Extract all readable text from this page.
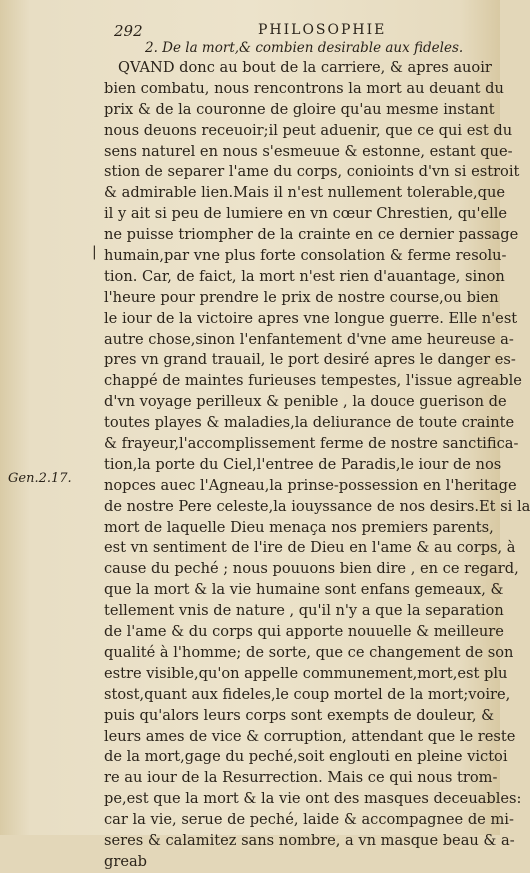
292	PHILOSOPHIE
2. De la mort,& combien desirable aux fideles.
|
Gen.2.17.
QVAND donc au bout de la carriere, & apres auoir
bien combatu, nous rencontrons la mort au deuant du
prix & de la couronne de gloire qu'au mesme instant
nous deuons receuoir;il peut aduenir, que ce qui est du
sens naturel en nous s'esmeuue & estonne, estant que-
stion de separer l'ame du corps, conioints d'vn si estroit
& admirable lien.Mais il n'est nullement tolerable,que
il y ait si peu de lumiere en vn cœur Chrestien, qu'elle
ne puisse triompher de la crainte en ce dernier passage
humain,par vne plus forte consolation & ferme resolu-
tion. Car, de faict, la mort n'est rien d'auantage, sinon
l'heure pour prendre le prix de nostre course,ou bien
le iour de la victoire apres vne longue guerre. Elle n'est
autre chose,sinon l'enfantement d'vne ame heureuse a-
pres vn grand trauail, le port desiré apres le danger es-
chappé de maintes furieuses tempestes, l'issue agreable
d'vn voyage perilleux & penible , la douce guerison de
toutes playes & maladies,la deliurance de toute crainte
& frayeur,l'accomplissement ferme de nostre sanctifica-
tion,la porte du Ciel,l'entree de Paradis,le iour de nos
nopces auec l'Agneau,la prinse-possession en l'heritage
de nostre Pere celeste,la iouyssance de nos desirs.Et si la
mort de laquelle Dieu menaça nos premiers parents,
est vn sentiment de l'ire de Dieu en l'ame & au corps, à
cause du peché ; nous pouuons bien dire , en ce regard,
que la mort & la vie humaine sont enfans gemeaux, &
tellement vnis de nature , qu'il n'y a que la separation
de l'ame & du corps qui apporte nouuelle & meilleure
qualité à l'homme; de sorte, que ce changement de son
estre visible,qu'on appelle communement,mort,est plu
stost,quant aux fideles,le coup mortel de la mort;voire,
puis qu'alors leurs corps sont exempts de douleur, &
leurs ames de vice & corruption, attendant que le reste
de la mort,gage du peché,soit englouti en pleine victoi
re au iour de la Resurrection. Mais ce qui nous trom-
pe,est que la mort & la vie ont des masques deceuables:
car la vie, serue de peché, laide & accompagnee de mi-
seres & calamitez sans nombre, a vn masque beau & a-
greab
